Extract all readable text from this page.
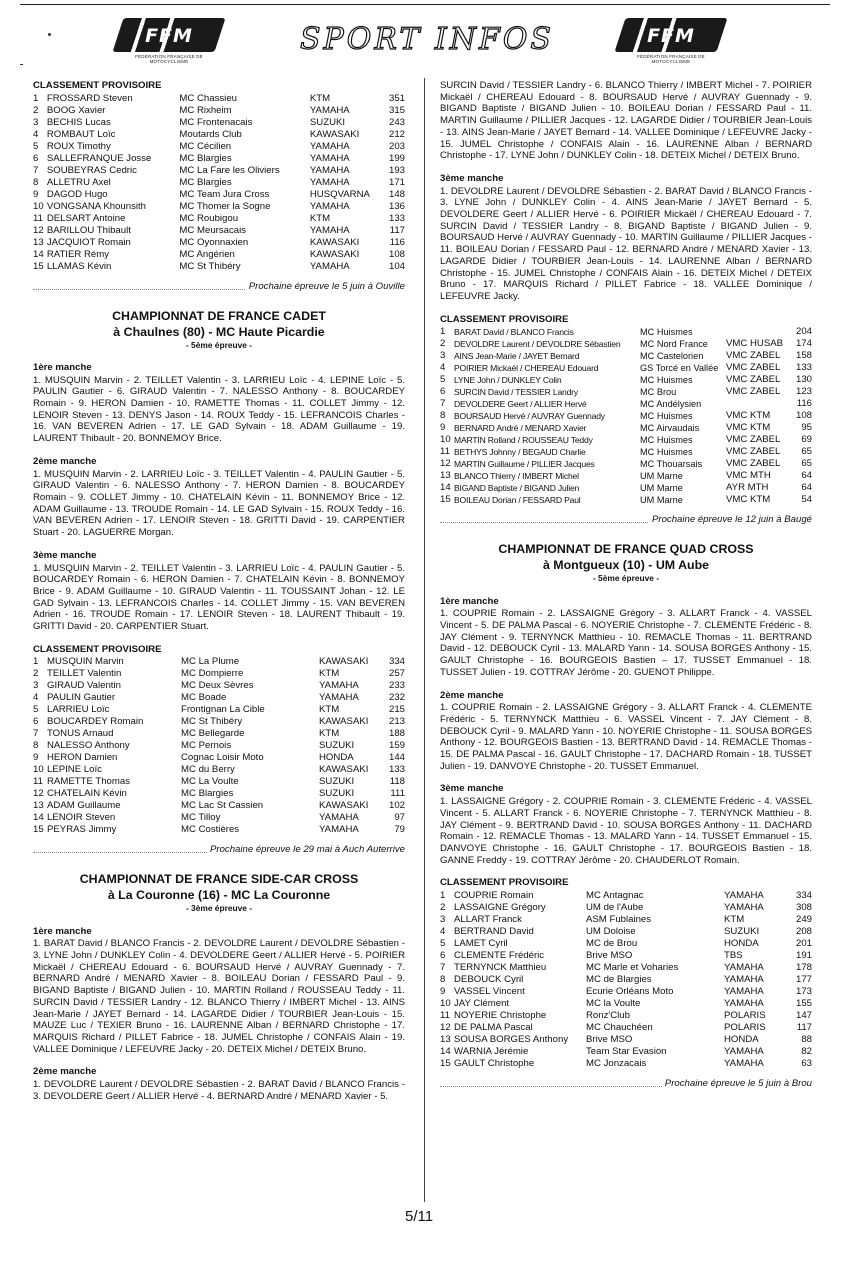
FFM
FÉDÉRATION FRANÇAISE DE MOTOCYCLISME
SPORT INFOS	FFM
FÉDÉRATION FRANÇAISE DE MOTOCYCLISME
CLASSEMENT PROVISOIRE
1	FROSSARD Steven	MC Chassieu	KTM	351
2	BOOG Xavier	MC Rixheim	YAMAHA	315
3	BECHIS Lucas	MC Frontenacais	SUZUKI	243
4	ROMBAUT Loïc	Moutards Club	KAWASAKI	212
5	ROUX Timothy	MC Cécilien	YAMAHA	203
6	SALLEFRANQUE Josse	MC Blargies	YAMAHA	199
7	SOUBEYRAS Cedric	MC La Fare les Oliviers	YAMAHA	193
8	ALLETRU Axel	MC Blargies	YAMAHA	171
9	DAGOD Hugo	MC Team Jura Cross	HUSQVARNA	148
10	VONGSANA Khounsith	MC Thomer la Sogne	YAMAHA	136
11	DELSART Antoine	MC Roubigou	KTM	133
12	BARILLOU Thibault	MC Meursacais	YAMAHA	117
13	JACQUIOT Romain	MC Oyonnaxien	KAWASAKI	116
14	RATIER Rémy	MC Angérien	KAWASAKI	108
15	LLAMAS Kévin	MC St Thibéry	YAMAHA	104
Prochaine épreuve le 5 juin à Ouville
CHAMPIONNAT DE FRANCE CADET
à Chaulnes (80) - MC Haute Picardie
- 5ème épreuve -
1ère manche
1. MUSQUIN Marvin - 2. TEILLET Valentin - 3. LARRIEU Loïc - 4. LEPINE Loïc - 5. PAULIN Gautier - 6. GIRAUD Valentin - 7. NALESSO Anthony - 8. BOUCARDEY Romain - 9. HERON Damien - 10. RAMETTE Thomas - 11. COLLET Jimmy - 12. LENOIR Steven - 13. DENYS Jason - 14. ROUX Teddy - 15. LEFRANCOIS Charles - 16. VAN BEVEREN Adrien - 17. LE GAD Sylvain - 18. ADAM Guillaume - 19. LAURENT Thibault - 20. BONNEMOY Brice.
2ème manche
1. MUSQUIN Marvin - 2. LARRIEU Loïc - 3. TEILLET Valentin - 4. PAULIN Gautier - 5. GIRAUD Valentin - 6. NALESSO Anthony - 7. HERON Damien - 8. BOUCARDEY Romain - 9. COLLET Jimmy - 10. CHATELAIN Kévin - 11. BONNEMOY Brice - 12. ADAM Guillaume - 13. TROUDE Romain - 14. LE GAD Sylvain - 15. ROUX Teddy - 16. VAN BEVEREN Adrien - 17. LENOIR Steven - 18. GRITTI David - 19. CARPENTIER Stuart - 20. LAGUERRE Morgan.
3ème manche
1. MUSQUIN Marvin - 2. TEILLET Valentin - 3. LARRIEU Loïc - 4. PAULIN Gautier - 5. BOUCARDEY Romain - 6. HERON Damien - 7. CHATELAIN Kévin - 8. BONNEMOY Brice - 9. ADAM Guillaume - 10. GIRAUD Valentin - 11. TOUSSAINT Johan - 12. LE GAD Sylvain - 13. LEFRANCOIS Charles - 14. COLLET Jimmy - 15. VAN BEVEREN Adrien - 16. TROUDE Romain - 17. LENOIR Steven - 18. LAURENT Thibault - 19. GRITTI David - 20. CARPENTIER Stuart.
CLASSEMENT PROVISOIRE
1	MUSQUIN Marvin	MC La Plume	KAWASAKI	334
2	TEILLET Valentin	MC Dompierre	KTM	257
3	GIRAUD Valentin	MC Deux Sèvres	YAMAHA	233
4	PAULIN Gautier	MC Boade	YAMAHA	232
5	LARRIEU Loïc	Frontignan La Cible	KTM	215
6	BOUCARDEY Romain	MC St Thibéry	KAWASAKI	213
7	TONUS Arnaud	MC Bellegarde	KTM	188
8	NALESSO Anthony	MC Pernois	SUZUKI	159
9	HERON Damien	Cognac Loisir Moto	HONDA	144
10	LEPINE Loïc	MC du Berry	KAWASAKI	133
11	RAMETTE Thomas	MC La Voulte	SUZUKI	118
12	CHATELAIN Kévin	MC Blargies	SUZUKI	111
13	ADAM Guillaume	MC Lac St Cassien	KAWASAKI	102
14	LENOIR Steven	MC Tilloy	YAMAHA	97
15	PEYRAS Jimmy	MC Costières	YAMAHA	79
Prochaine épreuve le 29 mai à Auch Auterrive
CHAMPIONNAT DE FRANCE SIDE-CAR CROSS
à La Couronne (16) - MC La Couronne
- 3ème épreuve -
1ère manche
1. BARAT David / BLANCO Francis - 2. DEVOLDRE Laurent / DEVOLDRE Sébastien - 3. LYNE John / DUNKLEY Colin - 4. DEVOLDERE Geert / ALLIER Hervé - 5. POIRIER Mickaël / CHEREAU Edouard - 6. BOURSAUD Hervé / AUVRAY Guennady - 7. BERNARD André / MENARD Xavier - 8. BOILEAU Dorian / FESSARD Paul - 9. BIGAND Baptiste / BIGAND Julien - 10. MARTIN Rolland / ROUSSEAU Teddy - 11. SURCIN David / TESSIER Landry - 12. BLANCO Thierry / IMBERT Michel - 13. AINS Jean-Marie / JAYET Bernard - 14. LAGARDE Didier / TOURBIER Jean-Louis - 15. MAUZE Luc / TEXIER Bruno - 16. LAURENNE Alban / BERNARD Christophe - 17. MARQUIS Richard / PILLET Fabrice - 18. JUMEL Christophe / CONFAIS Alain - 19. VALLEE Dominique / LEFEUVRE Jacky - 20. DETEIX Michel / DETEIX Bruno.
2ème manche
1. DEVOLDRE Laurent / DEVOLDRE Sébastien - 2. BARAT David / BLANCO Francis - 3. DEVOLDERE Geert / ALLIER Hervé - 4. BERNARD André / MENARD Xavier - 5.
SURCIN David / TESSIER Landry - 6. BLANCO Thierry / IMBERT Michel - 7. POIRIER Mickaël / CHEREAU Edouard - 8. BOURSAUD Hervé / AUVRAY Guennady - 9. BIGAND Baptiste / BIGAND Julien - 10. BOILEAU Dorian / FESSARD Paul - 11. MARTIN Guillaume / PILLIER Jacques - 12. LAGARDE Didier / TOURBIER Jean-Louis - 13. AINS Jean-Marie / JAYET Bernard - 14. VALLEE Dominique / LEFEUVRE Jacky - 15. JUMEL Christophe / CONFAIS Alain - 16. LAURENNE Alban / BERNARD Christophe - 17. LYNE John / DUNKLEY Colin - 18. DETEIX Michel / DETEIX Bruno.
3ème manche
1. DEVOLDRE Laurent / DEVOLDRE Sébastien - 2. BARAT David / BLANCO Francis - 3. LYNE John / DUNKLEY Colin - 4. AINS Jean-Marie / JAYET Bernard - 5. DEVOLDERE Geert / ALLIER Hervé - 6. POIRIER Mickaël / CHEREAU Edouard - 7. SURCIN David / TESSIER Landry - 8. BIGAND Baptiste / BIGAND Julien - 9. BOURSAUD Hervé / AUVRAY Guennady - 10. MARTIN Guillaume / PILLIER Jacques - 11. BOILEAU Dorian / FESSARD Paul - 12. BERNARD André / MENARD Xavier - 13. LAGARDE Didier / TOURBIER Jean-Louis - 14. LAURENNE Alban / BERNARD Christophe - 15. JUMEL Christophe / CONFAIS Alain - 16. DETEIX Michel / DETEIX Bruno - 17. MARQUIS Richard / PILLET Fabrice - 18. VALLEE Dominique / LEFEUVRE Jacky.
CLASSEMENT PROVISOIRE
1	BARAT David / BLANCO Francis	MC Huismes		204
2	DEVOLDRE Laurent / DEVOLDRE Sébastien	MC Nord France	VMC HUSAB	174
3	AINS Jean-Marie / JAYET Bernard	MC Castelorien	VMC ZABEL	158
4	POIRIER Mickaël / CHEREAU Edouard	GS Torcé en Vallée	VMC ZABEL	133
5	LYNE John / DUNKLEY Colin	MC Huismes	VMC ZABEL	130
6	SURCIN David / TESSIER Landry	MC Brou	VMC ZABEL	123
7	DEVOLDERE Geert / ALLIER Hervé	MC Andélysien		116
8	BOURSAUD Hervé / AUVRAY Guennady	MC Huismes	VMC KTM	108
9	BERNARD André / MENARD Xavier	MC Airvaudais	VMC KTM	95
10	MARTIN Rolland / ROUSSEAU Teddy	MC Huismes	VMC ZABEL	69
11	BETHYS Johnny / BEGAUD Charlie	MC Huismes	VMC ZABEL	65
12	MARTIN Guillaume / PILLIER Jacques	MC Thouarsais	VMC ZABEL	65
13	BLANCO Thierry / IMBERT Michel	UM Marne	VMC MTH	64
14	BIGAND Baptiste / BIGAND Julien	UM Marne	AYR MTH	64
15	BOILEAU Dorian / FESSARD Paul	UM Marne	VMC KTM	54
Prochaine épreuve le 12 juin à Baugé
CHAMPIONNAT DE FRANCE QUAD CROSS
à Montgueux (10) - UM Aube
- 5ème épreuve -
1ère manche
1. COUPRIE Romain - 2. LASSAIGNE Grégory - 3. ALLART Franck - 4. VASSEL Vincent - 5. DE PALMA Pascal - 6. NOYERIE Christophe - 7. CLEMENTE Frédéric - 8. JAY Clément - 9. TERNYNCK Matthieu - 10. REMACLE Thomas - 11. BERTRAND David - 12. DEBOUCK Cyril - 13. MALARD Yann - 14. SOUSA BORGES Anthony - 15. GAULT Christophe - 16. BOURGEOIS Bastien – 17. TUSSET Emmanuel - 18. TUSSET Julien - 19. COTTRAY Jérôme - 20. GUENOT Philippe.
2ème manche
1. COUPRIE Romain - 2. LASSAIGNE Grégory - 3. ALLART Franck - 4. CLEMENTE Frédéric - 5. TERNYNCK Matthieu - 6. VASSEL Vincent - 7. JAY Clément - 8. DEBOUCK Cyril - 9. MALARD Yann - 10. NOYERIE Christophe - 11. SOUSA BORGES Anthony - 12. BOURGEOIS Bastien - 13. BERTRAND David - 14. REMACLE Thomas - 15. DE PALMA Pascal - 16. GAULT Christophe - 17. DACHARD Romain - 18. TUSSET Julien - 19. DANVOYE Christophe - 20. TUSSET Emmanuel.
3ème manche
1. LASSAIGNE Grégory - 2. COUPRIE Romain - 3. CLEMENTE Frédéric - 4. VASSEL Vincent - 5. ALLART Franck - 6. NOYERIE Christophe - 7. TERNYNCK Matthieu - 8. JAY Clément - 9. BERTRAND David - 10. SOUSA BORGES Anthony - 11. DACHARD Romain - 12. REMACLE Thomas - 13. MALARD Yann - 14. TUSSET Emmanuel - 15. DANVOYE Christophe - 16. GAULT Christophe - 17. BOURGEOIS Bastien - 18. GANNE Freddy - 19. COTTRAY Jérôme - 20. CHAUDERLOT Romain.
CLASSEMENT PROVISOIRE
1	COUPRIE Romain	MC Antagnac	YAMAHA	334
2	LASSAIGNE Grégory	UM de l'Aube	YAMAHA	308
3	ALLART Franck	ASM Fublaines	KTM	249
4	BERTRAND David	UM Doloise	SUZUKI	208
5	LAMET Cyril	MC de Brou	HONDA	201
6	CLEMENTE Frédéric	Brive MSO	TBS	191
7	TERNYNCK Matthieu	MC Marle et Voharies	YAMAHA	178
8	DEBOUCK Cyril	MC de Blargies	YAMAHA	177
9	VASSEL Vincent	Ecurie Orléans Moto	YAMAHA	173
10	JAY Clément	MC la Voulte	YAMAHA	155
11	NOYERIE Christophe	Ronz'Club	POLARIS	147
12	DE PALMA Pascal	MC Chauchéen	POLARIS	117
13	SOUSA BORGES Anthony	Brive MSO	HONDA	88
14	WARNIA Jérémie	Team Star Evasion	YAMAHA	82
15	GAULT Christophe	MC Jonzacais	YAMAHA	63
Prochaine épreuve le 5 juin à Brou
5/11
